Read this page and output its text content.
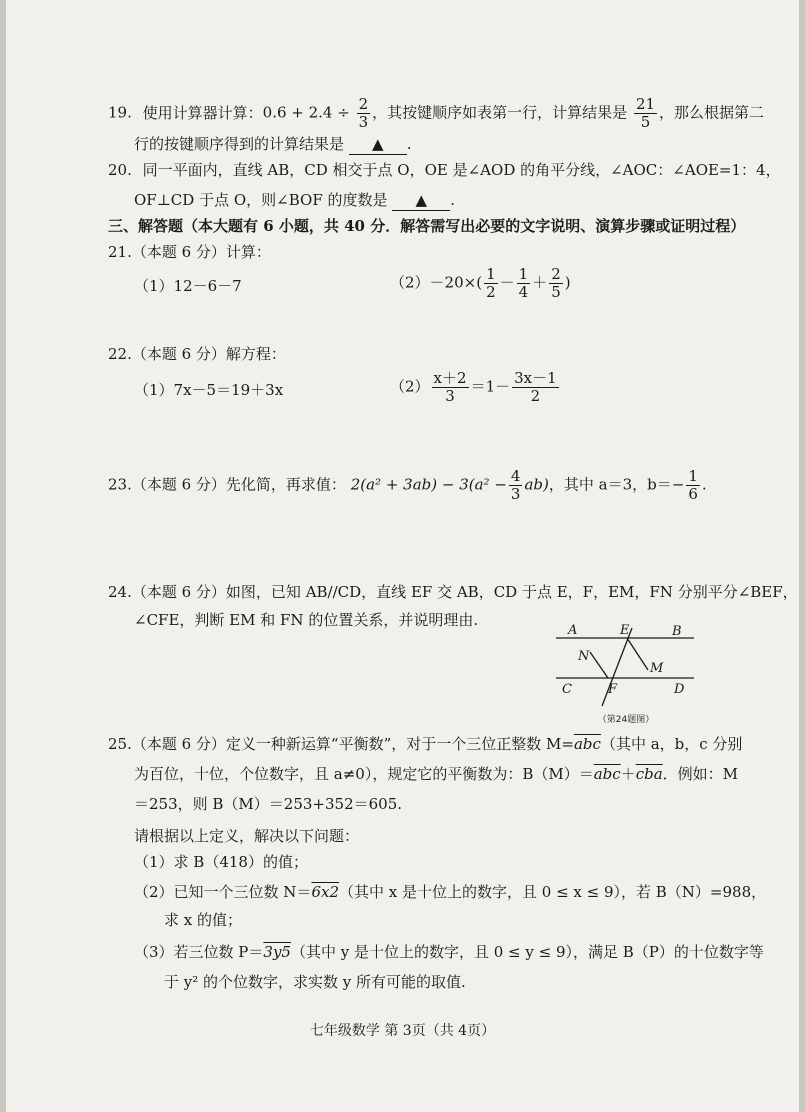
19. 使用计算器计算：$0.6 + 2.4 \div \frac{2}{3}$ ，其按键顺序如表第一行，计算结果是 $\frac{21}{5}$ ，那么根据第二
行的按键顺序得到的计算结果是 ▲ .
20. 同一平面内，直线 AB，CD 相交于点 O，OE 是∠AOD 的角平分线，∠AOC：∠AOE=1：4，
OF⊥CD 于点 O，则∠BOF 的度数是 ▲ .
三、解答题（本大题有 6 小题，共 40 分．解答需写出必要的文字说明、演算步骤或证明过程）
21.（本题 6 分）计算：
（1）12－6－7	$(2)-20\times( \frac{1}{2} - \frac{1}{4} + \frac{2}{5}$ )
22.（本题 6 分）解方程：
（1）7x－5＝19＋3x	$(2) \frac{x+2}{3} =1- \frac{3x-1}{2}$
23.（本题 6 分）先化简，再求值： $2(a^2 + 3ab) - 3(a^2 - \frac{4}{3} ab)$，其中 a＝3，$b=- \frac{1}{6}$ .
24.（本题 6 分）如图，已知 AB//CD，直线 EF 交 AB，CD 于点 E，F，EM，FN 分别平分∠BEF，
∠CFE，判断 EM 和 FN 的位置关系，并说明理由.
A	E	B
N
M
C	F	D
（第24题图）
25.（本题 6 分）定义一种新运算“平衡数”，对于一个三位正整数 $M=\overline{abc}$（其中 a，b，c 分别
为百位，十位，个位数字，且 a≠0），规定它的平衡数为：$B(M)=\overline{abc}+\overline{cba}$．例如：M
＝253，则 B（M）＝253+352＝605.
请根据以上定义，解决以下问题：
（1）求 B（418）的值；
（2）已知一个三位数 N＝6x2（其中 x 是十位上的数字，且 0 ≤ x ≤ 9），若 B（N）=988，
求 x 的值；
（3）若三位数 P＝3y5（其中 y 是十位上的数字，且 0 ≤ y ≤ 9），满足 B（P）的十位数字等
于 y² 的个位数字，求实数 y 所有可能的取值.
七年级数学 第 3页（共 4页）
